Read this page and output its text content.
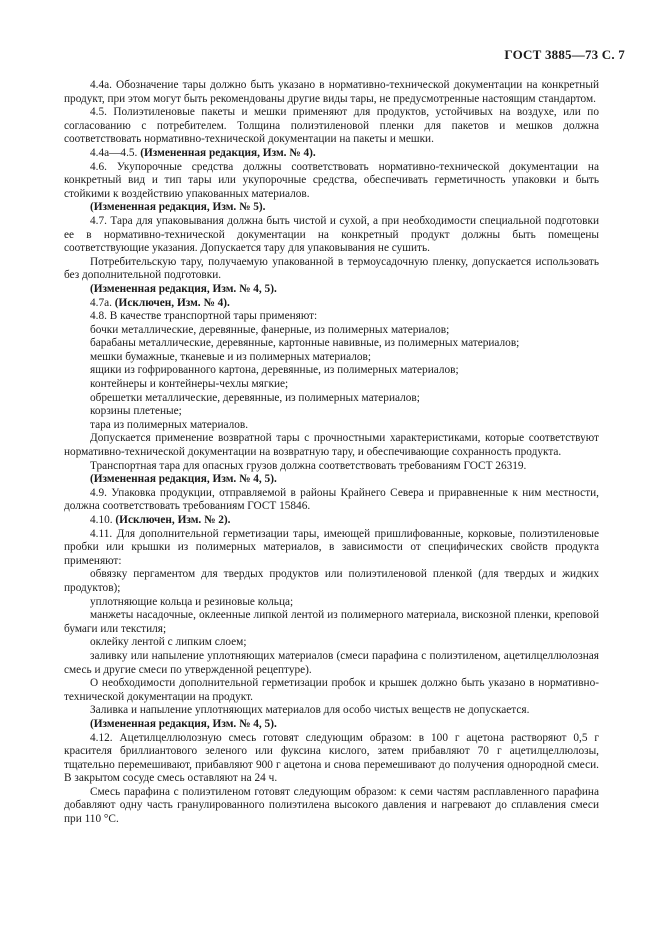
ГОСТ 3885—73 С. 7

4.4а. Обозначение тары должно быть указано в нормативно-технической документации на конкретный продукт, при этом могут быть рекомендованы другие виды тары, не предусмотренные настоящим стандартом.

4.5. Полиэтиленовые пакеты и мешки применяют для продуктов, устойчивых на воздухе, или по согласованию с потребителем. Толщина полиэтиленовой пленки для пакетов и мешков должна соответствовать нормативно-технической документации на пакеты и мешки.

4.4а—4.5. (Измененная редакция, Изм. № 4).

4.6. Укупорочные средства должны соответствовать нормативно-технической документации на конкретный вид и тип тары или укупорочные средства, обеспечивать герметичность упаковки и быть стойкими к воздействию упакованных материалов.

(Измененная редакция, Изм. № 5).

4.7. Тара для упаковывания должна быть чистой и сухой, а при необходимости специальной подготовки ее в нормативно-технической документации на конкретный продукт должны быть помещены соответствующие указания. Допускается тару для упаковывания не сушить.

Потребительскую тару, получаемую упакованной в термоусадочную пленку, допускается использовать без дополнительной подготовки.

(Измененная редакция, Изм. № 4, 5).

4.7а. (Исключен, Изм. № 4).

4.8. В качестве транспортной тары применяют:

бочки металлические, деревянные, фанерные, из полимерных материалов;

барабаны металлические, деревянные, картонные навивные, из полимерных материалов;

мешки бумажные, тканевые и из полимерных материалов;

ящики из гофрированного картона, деревянные, из полимерных материалов;

контейнеры и контейнеры-чехлы мягкие;

обрешетки металлические, деревянные, из полимерных материалов;

корзины плетеные;

тара из полимерных материалов.

Допускается применение возвратной тары с прочностными характеристиками, которые соответствуют нормативно-технической документации на возвратную тару, и обеспечивающие сохранность продукта.

Транспортная тара для опасных грузов должна соответствовать требованиям ГОСТ 26319.

(Измененная редакция, Изм. № 4, 5).

4.9. Упаковка продукции, отправляемой в районы Крайнего Севера и приравненные к ним местности, должна соответствовать требованиям ГОСТ 15846.

4.10. (Исключен, Изм. № 2).

4.11. Для дополнительной герметизации тары, имеющей пришлифованные, корковые, полиэтиленовые пробки или крышки из полимерных материалов, в зависимости от специфических свойств продукта применяют:

обвязку пергаментом для твердых продуктов или полиэтиленовой пленкой (для твердых и жидких продуктов);

уплотняющие кольца и резиновые кольца;

манжеты насадочные, оклеенные липкой лентой из полимерного материала, вискозной пленки, креповой бумаги или текстиля;

оклейку лентой с липким слоем;

заливку или напыление уплотняющих материалов (смеси парафина с полиэтиленом, ацетилцеллюлозная смесь и другие смеси по утвержденной рецептуре).

О необходимости дополнительной герметизации пробок и крышек должно быть указано в нормативно-технической документации на продукт.

Заливка и напыление уплотняющих материалов для особо чистых веществ не допускается.

(Измененная редакция, Изм. № 4, 5).

4.12. Ацетилцеллюлозную смесь готовят следующим образом: в 100 г ацетона растворяют 0,5 г красителя бриллиантового зеленого или фуксина кислого, затем прибавляют 70 г ацетилцеллюлозы, тщательно перемешивают, прибавляют 900 г ацетона и снова перемешивают до получения однородной смеси. В закрытом сосуде смесь оставляют на 24 ч.

Смесь парафина с полиэтиленом готовят следующим образом: к семи частям расплавленного парафина добавляют одну часть гранулированного полиэтилена высокого давления и нагревают до сплавления смеси при 110 °С.
